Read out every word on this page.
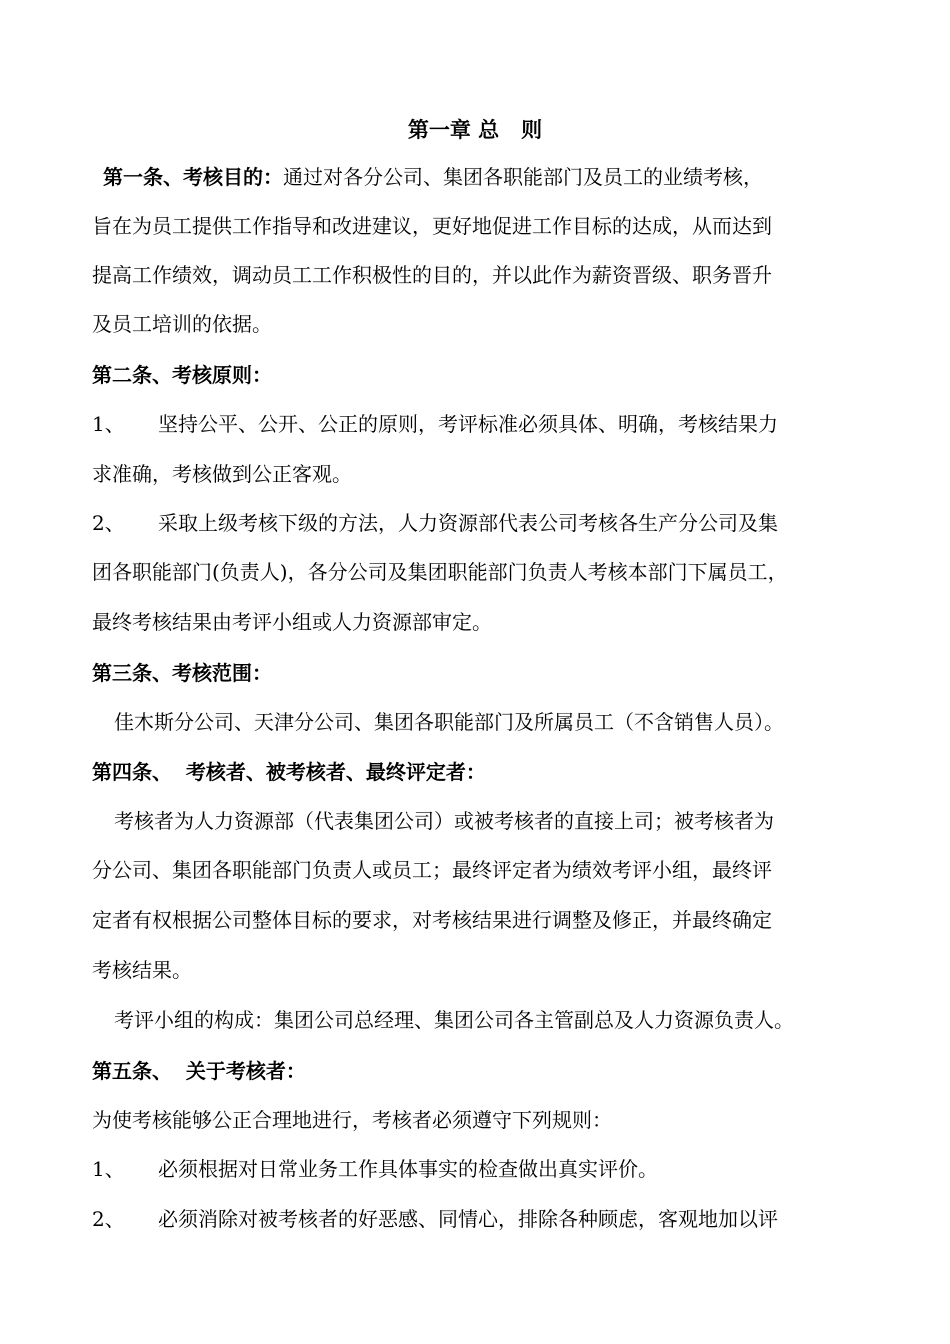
第一章 总   则
第一条、考核目的：通过对各分公司、集团各职能部门及员工的业绩考核，
旨在为员工提供工作指导和改进建议，更好地促进工作目标的达成，从而达到
提高工作绩效，调动员工工作积极性的目的，并以此作为薪资晋级、职务晋升
及员工培训的依据。
第二条、考核原则：
1、 坚持公平、公开、公正的原则，考评标准必须具体、明确，考核结果力
求准确，考核做到公正客观。
2、 采取上级考核下级的方法，人力资源部代表公司考核各生产分公司及集
团各职能部门(负责人)，各分公司及集团职能部门负责人考核本部门下属员工，
最终考核结果由考评小组或人力资源部审定。
第三条、考核范围：
佳木斯分公司、天津分公司、集团各职能部门及所属员工（不含销售人员）。
第四条、  考核者、被考核者、最终评定者：
考核者为人力资源部（代表集团公司）或被考核者的直接上司；被考核者为
分公司、集团各职能部门负责人或员工；最终评定者为绩效考评小组，最终评
定者有权根据公司整体目标的要求，对考核结果进行调整及修正，并最终确定
考核结果。
考评小组的构成：集团公司总经理、集团公司各主管副总及人力资源负责人。
第五条、  关于考核者：
为使考核能够公正合理地进行，考核者必须遵守下列规则：
1、 必须根据对日常业务工作具体事实的检查做出真实评价。
2、 必须消除对被考核者的好恶感、同情心，排除各种顾虑，客观地加以评
